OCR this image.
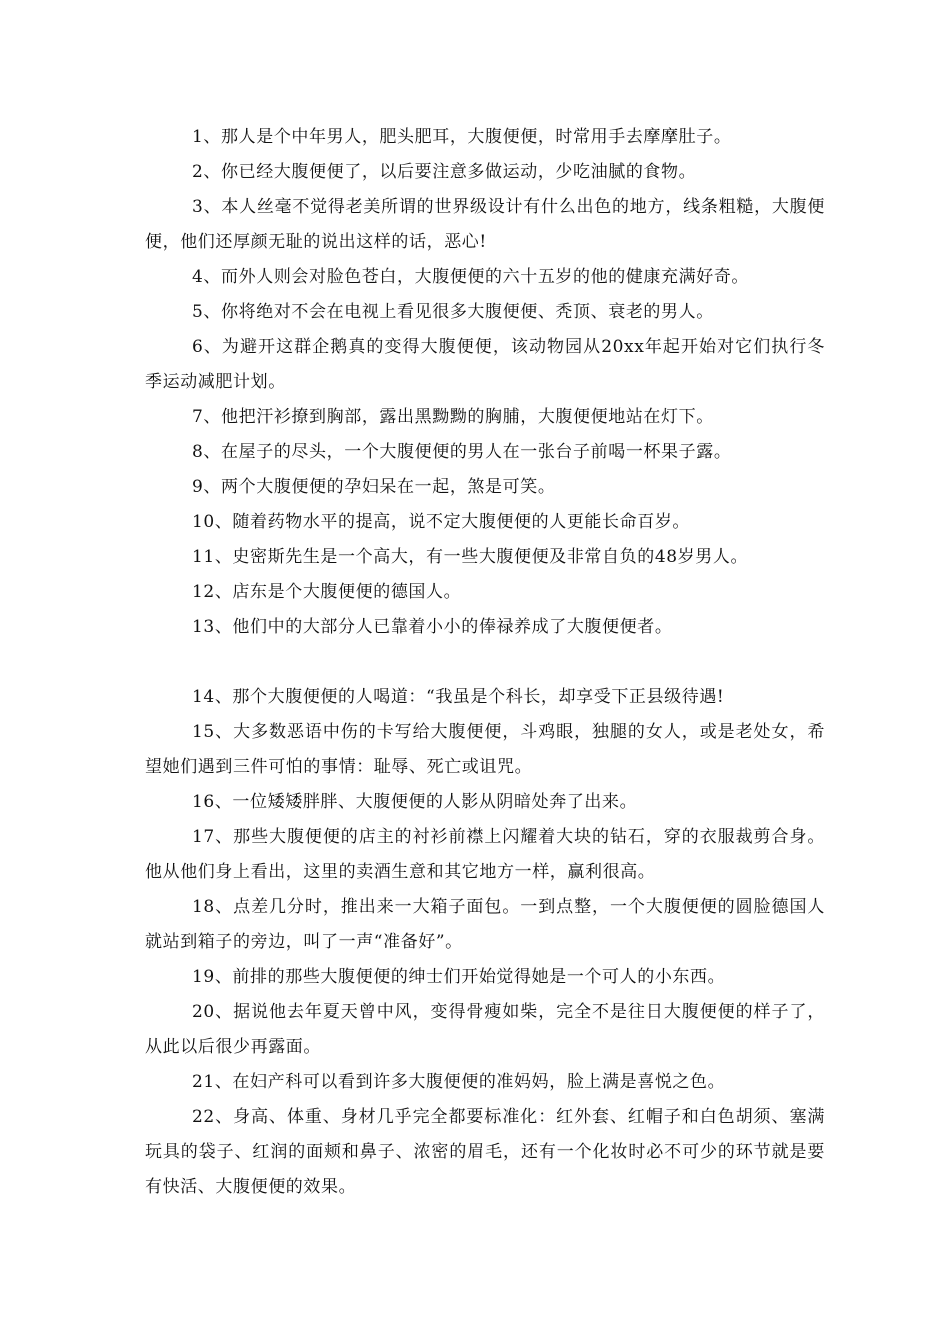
1、那人是个中年男人，肥头肥耳，大腹便便，时常用手去摩摩肚子。

2、你已经大腹便便了，以后要注意多做运动，少吃油腻的食物。

3、本人丝毫不觉得老美所谓的世界级设计有什么出色的地方，线条粗糙，大腹便便，他们还厚颜无耻的说出这样的话，恶心!

4、而外人则会对脸色苍白，大腹便便的六十五岁的他的健康充满好奇。

5、你将绝对不会在电视上看见很多大腹便便、秃顶、衰老的男人。

6、为避开这群企鹅真的变得大腹便便，该动物园从20xx年起开始对它们执行冬季运动减肥计划。

7、他把汗衫撩到胸部，露出黑黝黝的胸脯，大腹便便地站在灯下。

8、在屋子的尽头，一个大腹便便的男人在一张台子前喝一杯果子露。

9、两个大腹便便的孕妇呆在一起，煞是可笑。

10、随着药物水平的提高，说不定大腹便便的人更能长命百岁。

11、史密斯先生是一个高大，有一些大腹便便及非常自负的48岁男人。

12、店东是个大腹便便的德国人。

13、他们中的大部分人已靠着小小的俸禄养成了大腹便便者。

14、那个大腹便便的人喝道：“我虽是个科长，却享受下正县级待遇!

15、大多数恶语中伤的卡写给大腹便便，斗鸡眼，独腿的女人，或是老处女，希望她们遇到三件可怕的事情：耻辱、死亡或诅咒。

16、一位矮矮胖胖、大腹便便的人影从阴暗处奔了出来。

17、那些大腹便便的店主的衬衫前襟上闪耀着大块的钻石，穿的衣服裁剪合身。他从他们身上看出，这里的卖酒生意和其它地方一样，赢利很高。

18、点差几分时，推出来一大箱子面包。一到点整，一个大腹便便的圆脸德国人就站到箱子的旁边，叫了一声“准备好”。

19、前排的那些大腹便便的绅士们开始觉得她是一个可人的小东西。

20、据说他去年夏天曾中风，变得骨瘦如柴，完全不是往日大腹便便的样子了，从此以后很少再露面。

21、在妇产科可以看到许多大腹便便的准妈妈，脸上满是喜悦之色。

22、身高、体重、身材几乎完全都要标准化：红外套、红帽子和白色胡须、塞满玩具的袋子、红润的面颊和鼻子、浓密的眉毛，还有一个化妆时必不可少的环节就是要有快活、大腹便便的效果。
